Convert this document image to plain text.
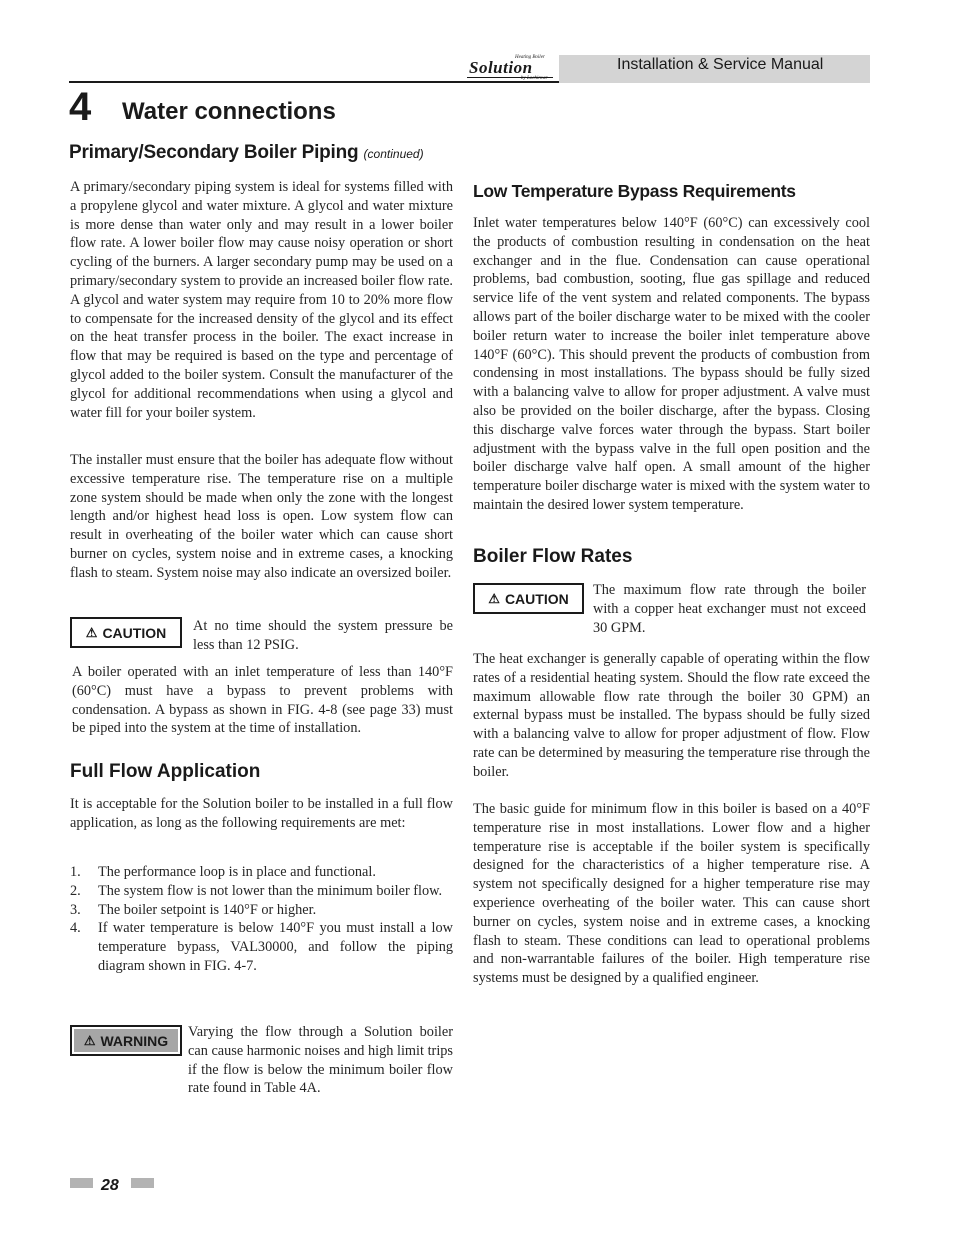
Heating Boiler
Solution
by Lochinvar
Installation & Service Manual
4 Water connections
Primary/Secondary Boiler Piping (continued)

A primary/secondary piping system is ideal for systems filled with a propylene glycol and water mixture. A glycol and water mixture is more dense than water only and may result in a lower boiler flow rate. A lower boiler flow may cause noisy operation or short cycling of the burners. A larger secondary pump may be used on a primary/secondary system to provide an increased boiler flow rate. A glycol and water system may require from 10 to 20% more flow to compensate for the increased density of the glycol and its effect on the heat transfer process in the boiler. The exact increase in flow that may be required is based on the type and percentage of glycol added to the boiler system. Consult the manufacturer of the glycol for additional recommendations when using a glycol and water fill for your boiler system.

The installer must ensure that the boiler has adequate flow without excessive temperature rise. The temperature rise on a multiple zone system should be made when only the zone with the longest length and/or highest head loss is open. Low system flow can result in overheating of the boiler water which can cause short burner on cycles, system noise and in extreme cases, a knocking flash to steam. System noise may also indicate an oversized boiler.

⚠ CAUTION At no time should the system pressure be less than 12 PSIG.

A boiler operated with an inlet temperature of less than 140°F (60°C) must have a bypass to prevent problems with condensation. A bypass as shown in FIG. 4-8 (see page 33) must be piped into the system at the time of installation.

Full Flow Application

It is acceptable for the Solution boiler to be installed in a full flow application, as long as the following requirements are met:

1. The performance loop is in place and functional.
2. The system flow is not lower than the minimum boiler flow.
3. The boiler setpoint is 140°F or higher.
4. If water temperature is below 140°F you must install a low temperature bypass, VAL30000, and follow the piping diagram shown in FIG. 4-7.
⚠ WARNING
Varying the flow through a Solution boiler can cause harmonic noises and high limit trips if the flow is below the minimum boiler flow rate found in Table 4A.
Low Temperature Bypass Requirements

Inlet water temperatures below 140°F (60°C) can excessively cool the products of combustion resulting in condensation on the heat exchanger and in the flue. Condensation can cause operational problems, bad combustion, sooting, flue gas spillage and reduced service life of the vent system and related components. The bypass allows part of the boiler discharge water to be mixed with the cooler boiler return water to increase the boiler inlet temperature above 140°F (60°C). This should prevent the products of combustion from condensing in most installations. The bypass should be fully sized with a balancing valve to allow for proper adjustment. A valve must also be provided on the boiler discharge, after the bypass. Closing this discharge valve forces water through the bypass. Start boiler adjustment with the bypass valve in the full open position and the boiler discharge valve half open. A small amount of the higher temperature boiler discharge water is mixed with the system water to maintain the desired lower system temperature.

Boiler Flow Rates
⚠ CAUTION
The maximum flow rate through the boiler with a copper heat exchanger must not exceed 30 GPM.

The heat exchanger is generally capable of operating within the flow rates of a residential heating system. Should the flow rate exceed the maximum allowable flow rate through the boiler 30 GPM) an external bypass must be installed. The bypass should be fully sized with a balancing valve to allow for proper adjustment of flow. Flow rate can be determined by measuring the temperature rise through the boiler.

The basic guide for minimum flow in this boiler is based on a 40°F temperature rise in most installations. Lower flow and a higher temperature rise is acceptable if the boiler system is specifically designed for the characteristics of a higher temperature rise. A system not specifically designed for a higher temperature rise may experience overheating of the boiler water. This can cause short burner on cycles, system noise and in extreme cases, a knocking flash to steam. These conditions can lead to operational problems and non-warrantable failures of the boiler. High temperature rise systems must be designed by a qualified engineer.

28
